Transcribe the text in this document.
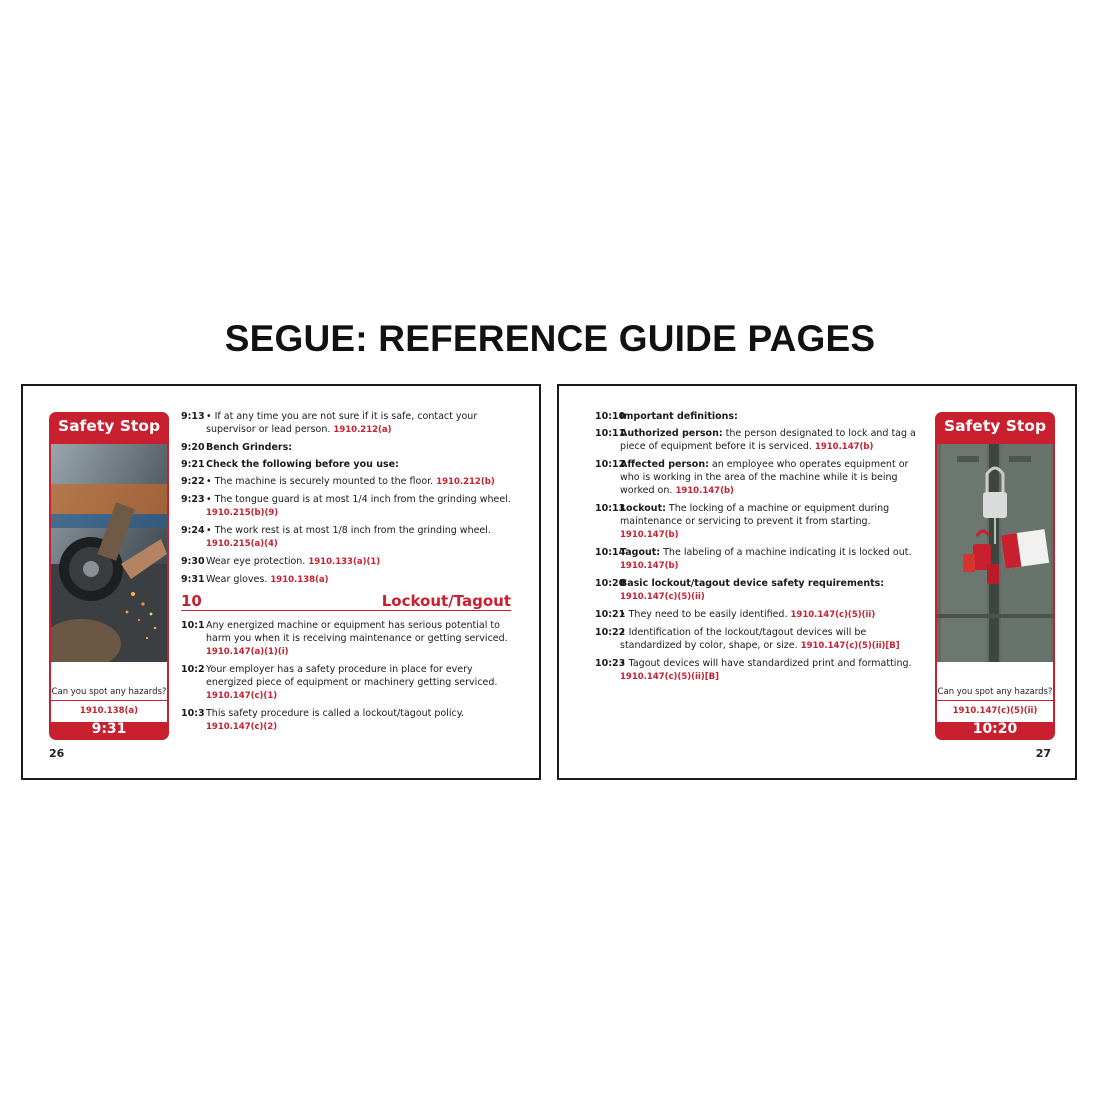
SEGUE: REFERENCE GUIDE PAGES
Safety Stop
Can you spot any hazards?
1910.138(a)
9:31
9:13 • If at any time you are not sure if it is safe, contact your supervisor or lead person. 1910.212(a)
9:20 Bench Grinders:
9:21 Check the following before you use:
9:22 • The machine is securely mounted to the floor. 1910.212(b)
9:23 • The tongue guard is at most 1/4 inch from the grinding wheel. 1910.215(b)(9)
9:24 • The work rest is at most 1/8 inch from the grinding wheel. 1910.215(a)(4)
9:30 Wear eye protection. 1910.133(a)(1)
9:31 Wear gloves. 1910.138(a)
10	Lockout/Tagout
10:1 Any energized machine or equipment has serious potential to harm you when it is receiving maintenance or getting serviced. 1910.147(a)(1)(i)
10:2 Your employer has a safety procedure in place for every energized piece of equipment or machinery getting serviced. 1910.147(c)(1)
10:3 This safety procedure is called a lockout/tagout policy. 1910.147(c)(2)
26
10:10
Important definitions:
10:11
Authorized person: the person designated to lock and tag a piece of equipment before it is serviced. 1910.147(b)
10:12
Affected person: an employee who operates equipment or who is working in the area of the machine while it is being worked on. 1910.147(b)
10:13
Lockout: The locking of a machine or equipment during maintenance or servicing to prevent it from starting. 1910.147(b)
10:14
Tagout: The labeling of a machine indicating it is locked out. 1910.147(b)
10:20
Basic lockout/tagout device safety requirements:
1910.147(c)(5)(ii)
10:21
• They need to be easily identified. 1910.147(c)(5)(ii)
10:22
• Identification of the lockout/tagout devices will be standardized by color, shape, or size. 1910.147(c)(5)(ii)[B]
10:23
• Tagout devices will have standardized print and formatting. 1910.147(c)(5)(ii)[B]
Safety Stop
Can you spot any hazards?
1910.147(c)(5)(ii)
10:20
27
